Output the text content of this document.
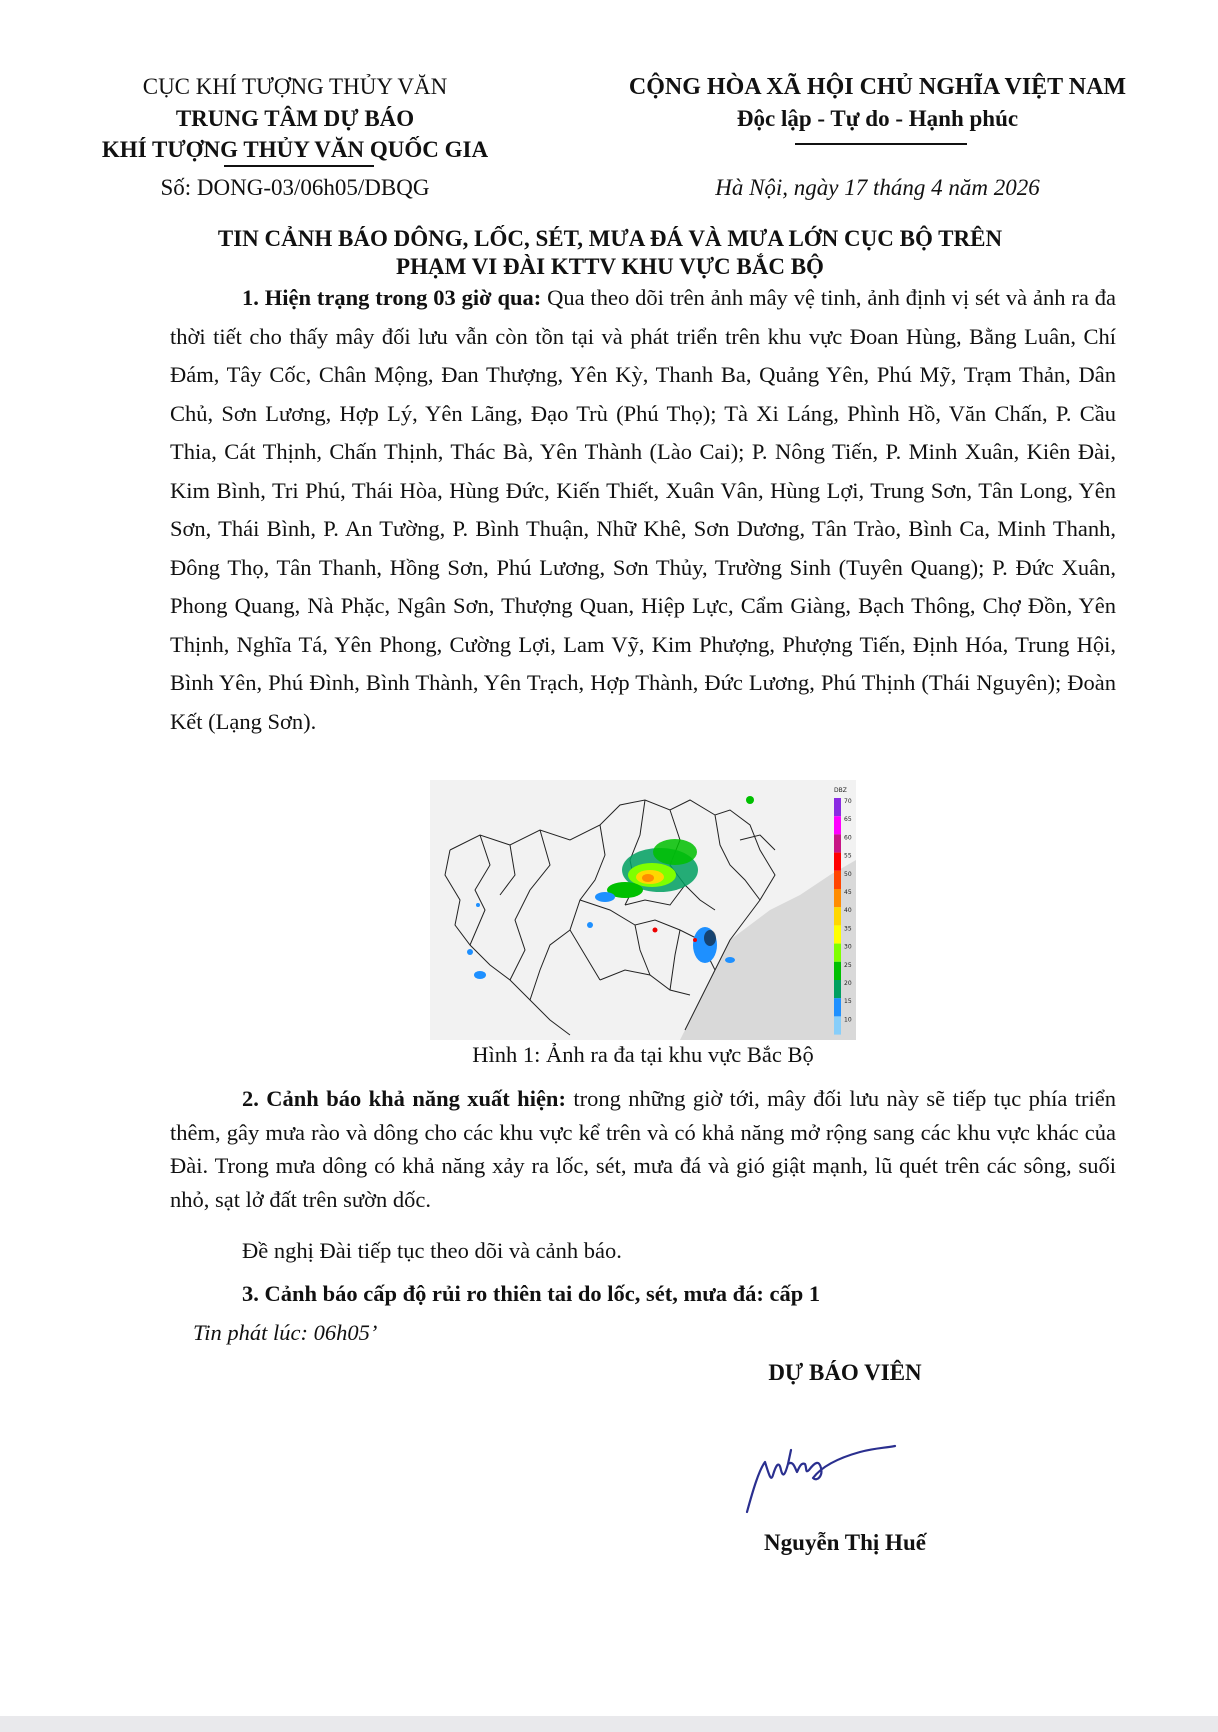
CỤC KHÍ TƯỢNG THỦY VĂN
TRUNG TÂM DỰ BÁO
KHÍ TƯỢNG THỦY VĂN QUỐC GIA
Số: DONG-03/06h05/DBQG
CỘNG HÒA XÃ HỘI CHỦ NGHĨA VIỆT NAM
Độc lập - Tự do - Hạnh phúc
Hà Nội, ngày 17 tháng 4 năm 2026
TIN CẢNH BÁO DÔNG, LỐC, SÉT, MƯA ĐÁ VÀ MƯA LỚN CỤC BỘ TRÊN
PHẠM VI ĐÀI KTTV KHU VỰC BẮC BỘ

1. Hiện trạng trong 03 giờ qua: Qua theo dõi trên ảnh mây vệ tinh, ảnh định vị sét và ảnh ra đa thời tiết cho thấy mây đối lưu vẫn còn tồn tại và phát triển trên khu vực Đoan Hùng, Bằng Luân, Chí Đám, Tây Cốc, Chân Mộng, Đan Thượng, Yên Kỳ, Thanh Ba, Quảng Yên, Phú Mỹ, Trạm Thản, Dân Chủ, Sơn Lương, Hợp Lý, Yên Lãng, Đạo Trù (Phú Thọ); Tà Xi Láng, Phình Hồ, Văn Chấn, P. Cầu Thia, Cát Thịnh, Chấn Thịnh, Thác Bà, Yên Thành (Lào Cai); P. Nông Tiến, P. Minh Xuân, Kiên Đài, Kim Bình, Tri Phú, Thái Hòa, Hùng Đức, Kiến Thiết, Xuân Vân, Hùng Lợi, Trung Sơn, Tân Long, Yên Sơn, Thái Bình, P. An Tường, P. Bình Thuận, Nhữ Khê, Sơn Dương, Tân Trào, Bình Ca, Minh Thanh, Đông Thọ, Tân Thanh, Hồng Sơn, Phú Lương, Sơn Thủy, Trường Sinh (Tuyên Quang); P. Đức Xuân, Phong Quang, Nà Phặc, Ngân Sơn, Thượng Quan, Hiệp Lực, Cẩm Giàng, Bạch Thông, Chợ Đồn, Yên Thịnh, Nghĩa Tá, Yên Phong, Cường Lợi, Lam Vỹ, Kim Phượng, Phượng Tiến, Định Hóa, Trung Hội, Bình Yên, Phú Đình, Bình Thành, Yên Trạch, Hợp Thành, Đức Lương, Phú Thịnh (Thái Nguyên); Đoàn Kết (Lạng Sơn).

DBZ
70
65
60
55
50
45
40
35
30
25
20
15
10
Hình 1: Ảnh ra đa tại khu vực Bắc Bộ

2. Cảnh báo khả năng xuất hiện: trong những giờ tới, mây đối lưu này sẽ tiếp tục phía triển thêm, gây mưa rào và dông cho các khu vực kể trên và có khả năng mở rộng sang các khu vực khác của Đài. Trong mưa dông có khả năng xảy ra lốc, sét, mưa đá và gió giật mạnh, lũ quét trên các sông, suối nhỏ, sạt lở đất trên sườn dốc.

Đề nghị Đài tiếp tục theo dõi và cảnh báo.

3. Cảnh báo cấp độ rủi ro thiên tai do lốc, sét, mưa đá: cấp 1

Tin phát lúc: 06h05’
DỰ BÁO VIÊN
Nguyễn Thị Huế
